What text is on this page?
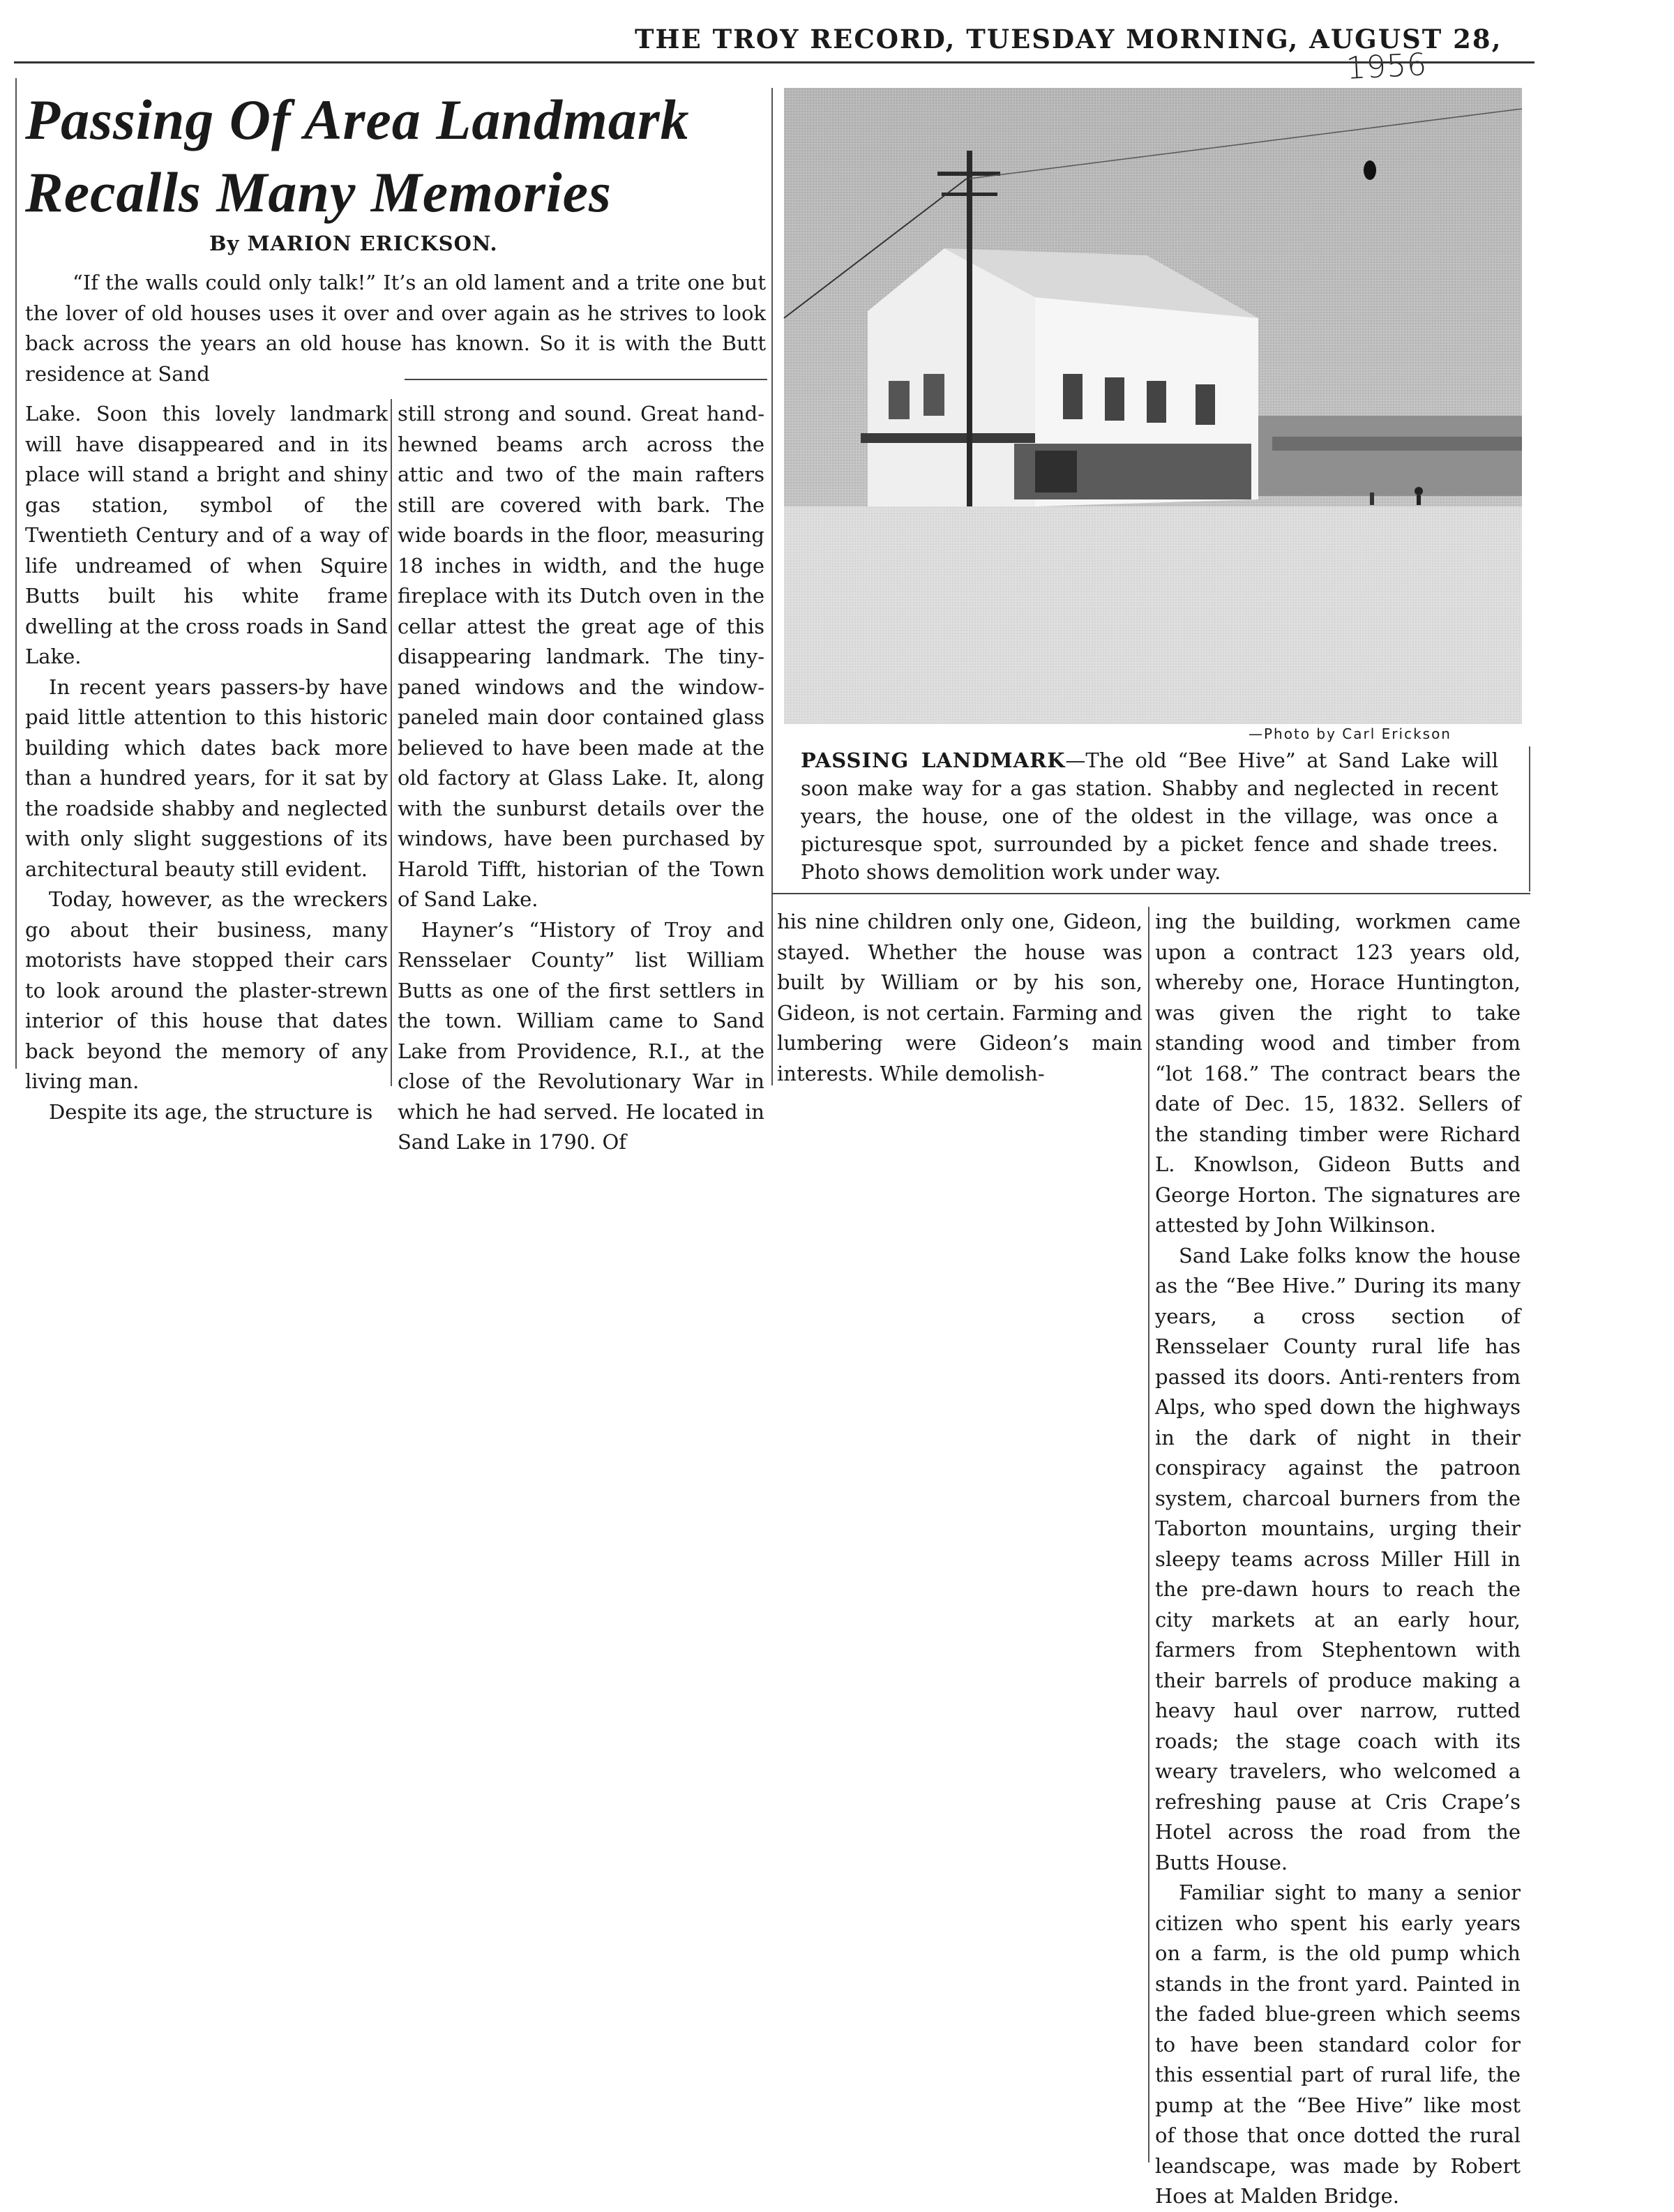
THE TROY RECORD, TUESDAY MORNING, AUGUST 28,
1956
Passing Of Area Landmark
Recalls Many Memories
By MARION ERICKSON.

“If the walls could only talk!” It’s an old lament and a trite one but the lover of old houses uses it over and over again as he strives to look back across the years an old house has known. So it is with the Butt residence at Sand

Lake. Soon this lovely landmark will have disappeared and in its place will stand a bright and shiny gas station, symbol of the Twentieth Century and of a way of life undreamed of when Squire Butts built his white frame dwelling at the cross roads in Sand Lake.

In recent years passers-by have paid little attention to this historic building which dates back more than a hundred years, for it sat by the roadside shabby and neglected with only slight suggestions of its architectural beauty still evident.

Today, however, as the wreckers go about their business, many motorists have stopped their cars to look around the plaster-strewn interior of this house that dates back beyond the memory of any living man.

Despite its age, the structure is

still strong and sound. Great hand-hewned beams arch across the attic and two of the main rafters still are covered with bark. The wide boards in the floor, measuring 18 inches in width, and the huge fireplace with its Dutch oven in the cellar attest the great age of this disappearing landmark. The tiny-paned windows and the window-paneled main door contained glass believed to have been made at the old factory at Glass Lake. It, along with the sunburst details over the windows, have been purchased by Harold Tifft, historian of the Town of Sand Lake.

Hayner’s “History of Troy and Rensselaer County” list William Butts as one of the first settlers in the town. William came to Sand Lake from Providence, R.I., at the close of the Revolutionary War in which he had served. He located in Sand Lake in 1790. Of

—Photo by Carl Erickson
PASSING LANDMARK—The old “Bee Hive” at Sand Lake will soon make way for a gas station. Shabby and neglected in recent years, the house, one of the oldest in the village, was once a picturesque spot, surrounded by a picket fence and shade trees. Photo shows demolition work under way.

his nine children only one, Gideon, stayed. Whether the house was built by William or by his son, Gideon, is not certain. Farming and lumbering were Gideon’s main interests. While demolish-

ing the building, workmen came upon a contract 123 years old, whereby one, Horace Huntington, was given the right to take standing wood and timber from “lot 168.” The contract bears the date of Dec. 15, 1832. Sellers of the standing timber were Richard L. Knowlson, Gideon Butts and George Horton. The signatures are attested by John Wilkinson.

Sand Lake folks know the house as the “Bee Hive.” During its many years, a cross section of Rensselaer County rural life has passed its doors. Anti-renters from Alps, who sped down the highways in the dark of night in their conspiracy against the patroon system, charcoal burners from the Taborton mountains, urging their sleepy teams across Miller Hill in the pre-dawn hours to reach the city markets at an early hour, farmers from Stephentown with their barrels of produce making a heavy haul over narrow, rutted roads; the stage coach with its weary travelers, who welcomed a refreshing pause at Cris Crape’s Hotel across the road from the Butts House.

Familiar sight to many a senior citizen who spent his early years on a farm, is the old pump which stands in the front yard. Painted in the faded blue-green which seems to have been standard color for this essential part of rural life, the pump at the “Bee Hive” like most of those that once dotted the rural leandscape, was made by Robert Hoes at Malden Bridge.
